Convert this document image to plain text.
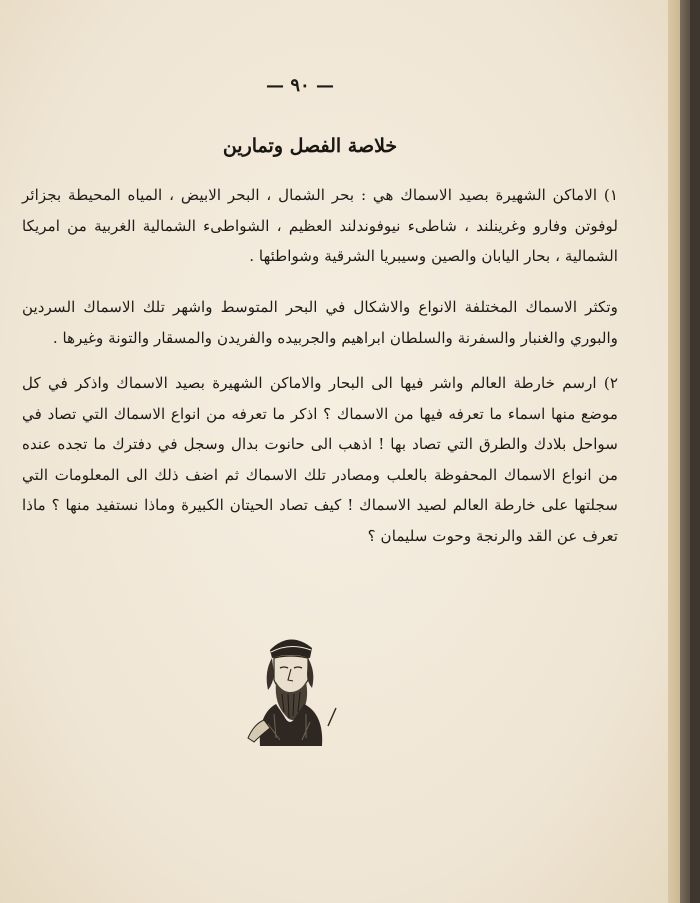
— ٩٠ —
خلاصة الفصل وتمارين

١) الاماكن الشهيرة بصيد الاسماك هي : بحر الشمال ، البحر الابيض ، المياه المحيطة بجزائر لوفوتن وفارو وغرينلند ، شاطىء نيوفوندلند العظيم ، الشواطىء الشمالية الغربية من امريكا الشمالية ، بحار اليابان والصين وسيبريا الشرقية وشواطئها .

وتكثر الاسماك المختلفة الانواع والاشكال في البحر المتوسط واشهر تلك الاسماك السردين والبوري والغنبار والسفرنة والسلطان ابراهيم والجربيده والفريدن والمسقار والتونة وغيرها .

٢) ارسم خارطة العالم واشر فيها الى البحار والاماكن الشهيرة بصيد الاسماك واذكر في كل موضع منها اسماء ما تعرفه فيها من الاسماك ؟ اذكر ما تعرفه من انواع الاسماك التي تصاد في سواحل بلادك والطرق التي تصاد بها ! اذهب الى حانوت بدال وسجل في دفترك ما تجده عنده من انواع الاسماك المحفوظة بالعلب ومصادر تلك الاسماك ثم اضف ذلك الى المعلومات التي سجلتها على خارطة العالم لصيد الاسماك ! كيف تصاد الحيتان الكبيرة وماذا نستفيد منها ؟ ماذا تعرف عن القد والرنجة وحوت سليمان ؟
